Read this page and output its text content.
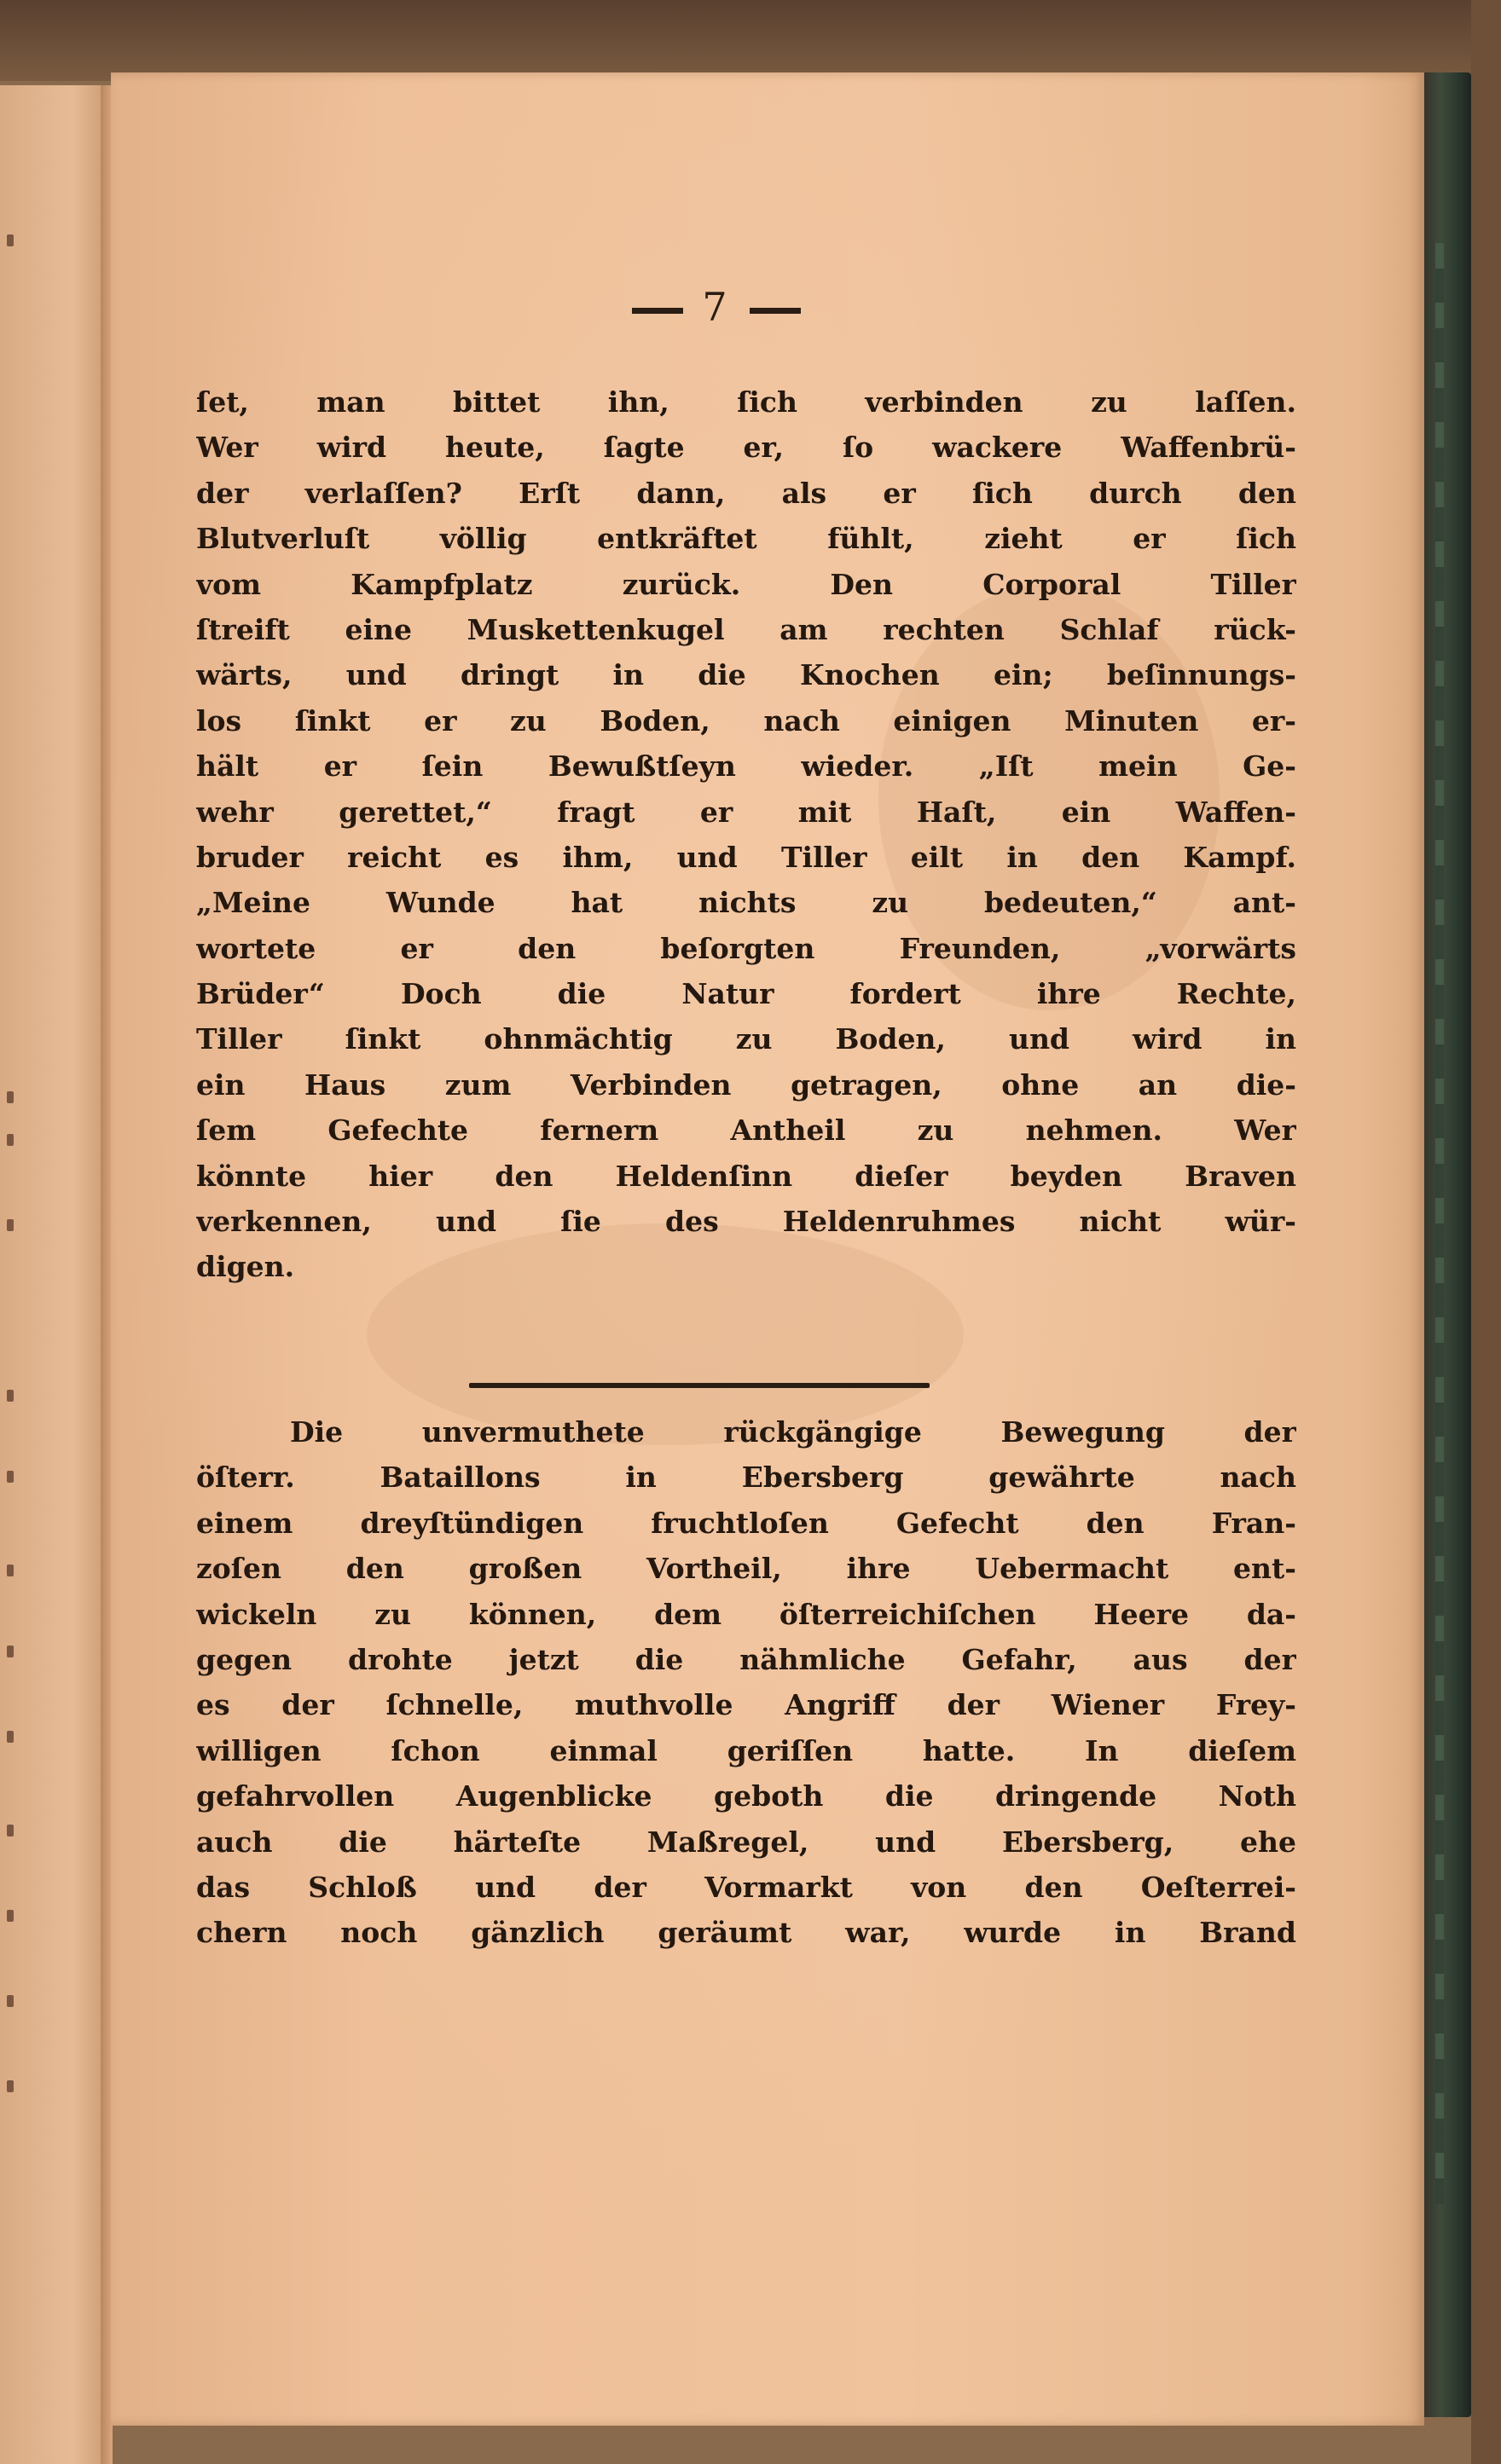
7
ſet, man bittet ihn, ſich verbinden zu laſſen.
Wer wird heute, ſagte er, ſo wackere Waffenbrü-
der verlaſſen? Erſt dann, als er ſich durch den
Blutverluſt völlig entkräftet fühlt, zieht er ſich
vom Kampfplatz zurück. Den Corporal Tiller
ſtreift eine Muskettenkugel am rechten Schlaf rück-
wärts, und dringt in die Knochen ein; beſinnungs-
los ſinkt er zu Boden, nach einigen Minuten er-
hält er ſein Bewußtſeyn wieder. „Iſt mein Ge-
wehr gerettet,“ fragt er mit Haſt, ein Waffen-
bruder reicht es ihm, und Tiller eilt in den Kampf.
„Meine Wunde hat nichts zu bedeuten,“ ant-
wortete er den beſorgten Freunden, „vorwärts
Brüder“ Doch die Natur fordert ihre Rechte,
Tiller ſinkt ohnmächtig zu Boden, und wird in
ein Haus zum Verbinden getragen, ohne an die-
ſem Gefechte fernern Antheil zu nehmen. Wer
könnte hier den Heldenſinn dieſer beyden Braven
verkennen, und ſie des Heldenruhmes nicht wür-
digen.
Die unvermuthete rückgängige Bewegung der
öſterr. Bataillons in Ebersberg gewährte nach
einem dreyſtündigen fruchtloſen Gefecht den Fran-
zoſen den großen Vortheil, ihre Uebermacht ent-
wickeln zu können, dem öſterreichiſchen Heere da-
gegen drohte jetzt die nähmliche Gefahr, aus der
es der ſchnelle, muthvolle Angriff der Wiener Frey-
willigen ſchon einmal geriſſen hatte. In dieſem
gefahrvollen Augenblicke geboth die dringende Noth
auch die härteſte Maßregel, und Ebersberg, ehe
das Schloß und der Vormarkt von den Oeſterrei-
chern noch gänzlich geräumt war, wurde in Brand
